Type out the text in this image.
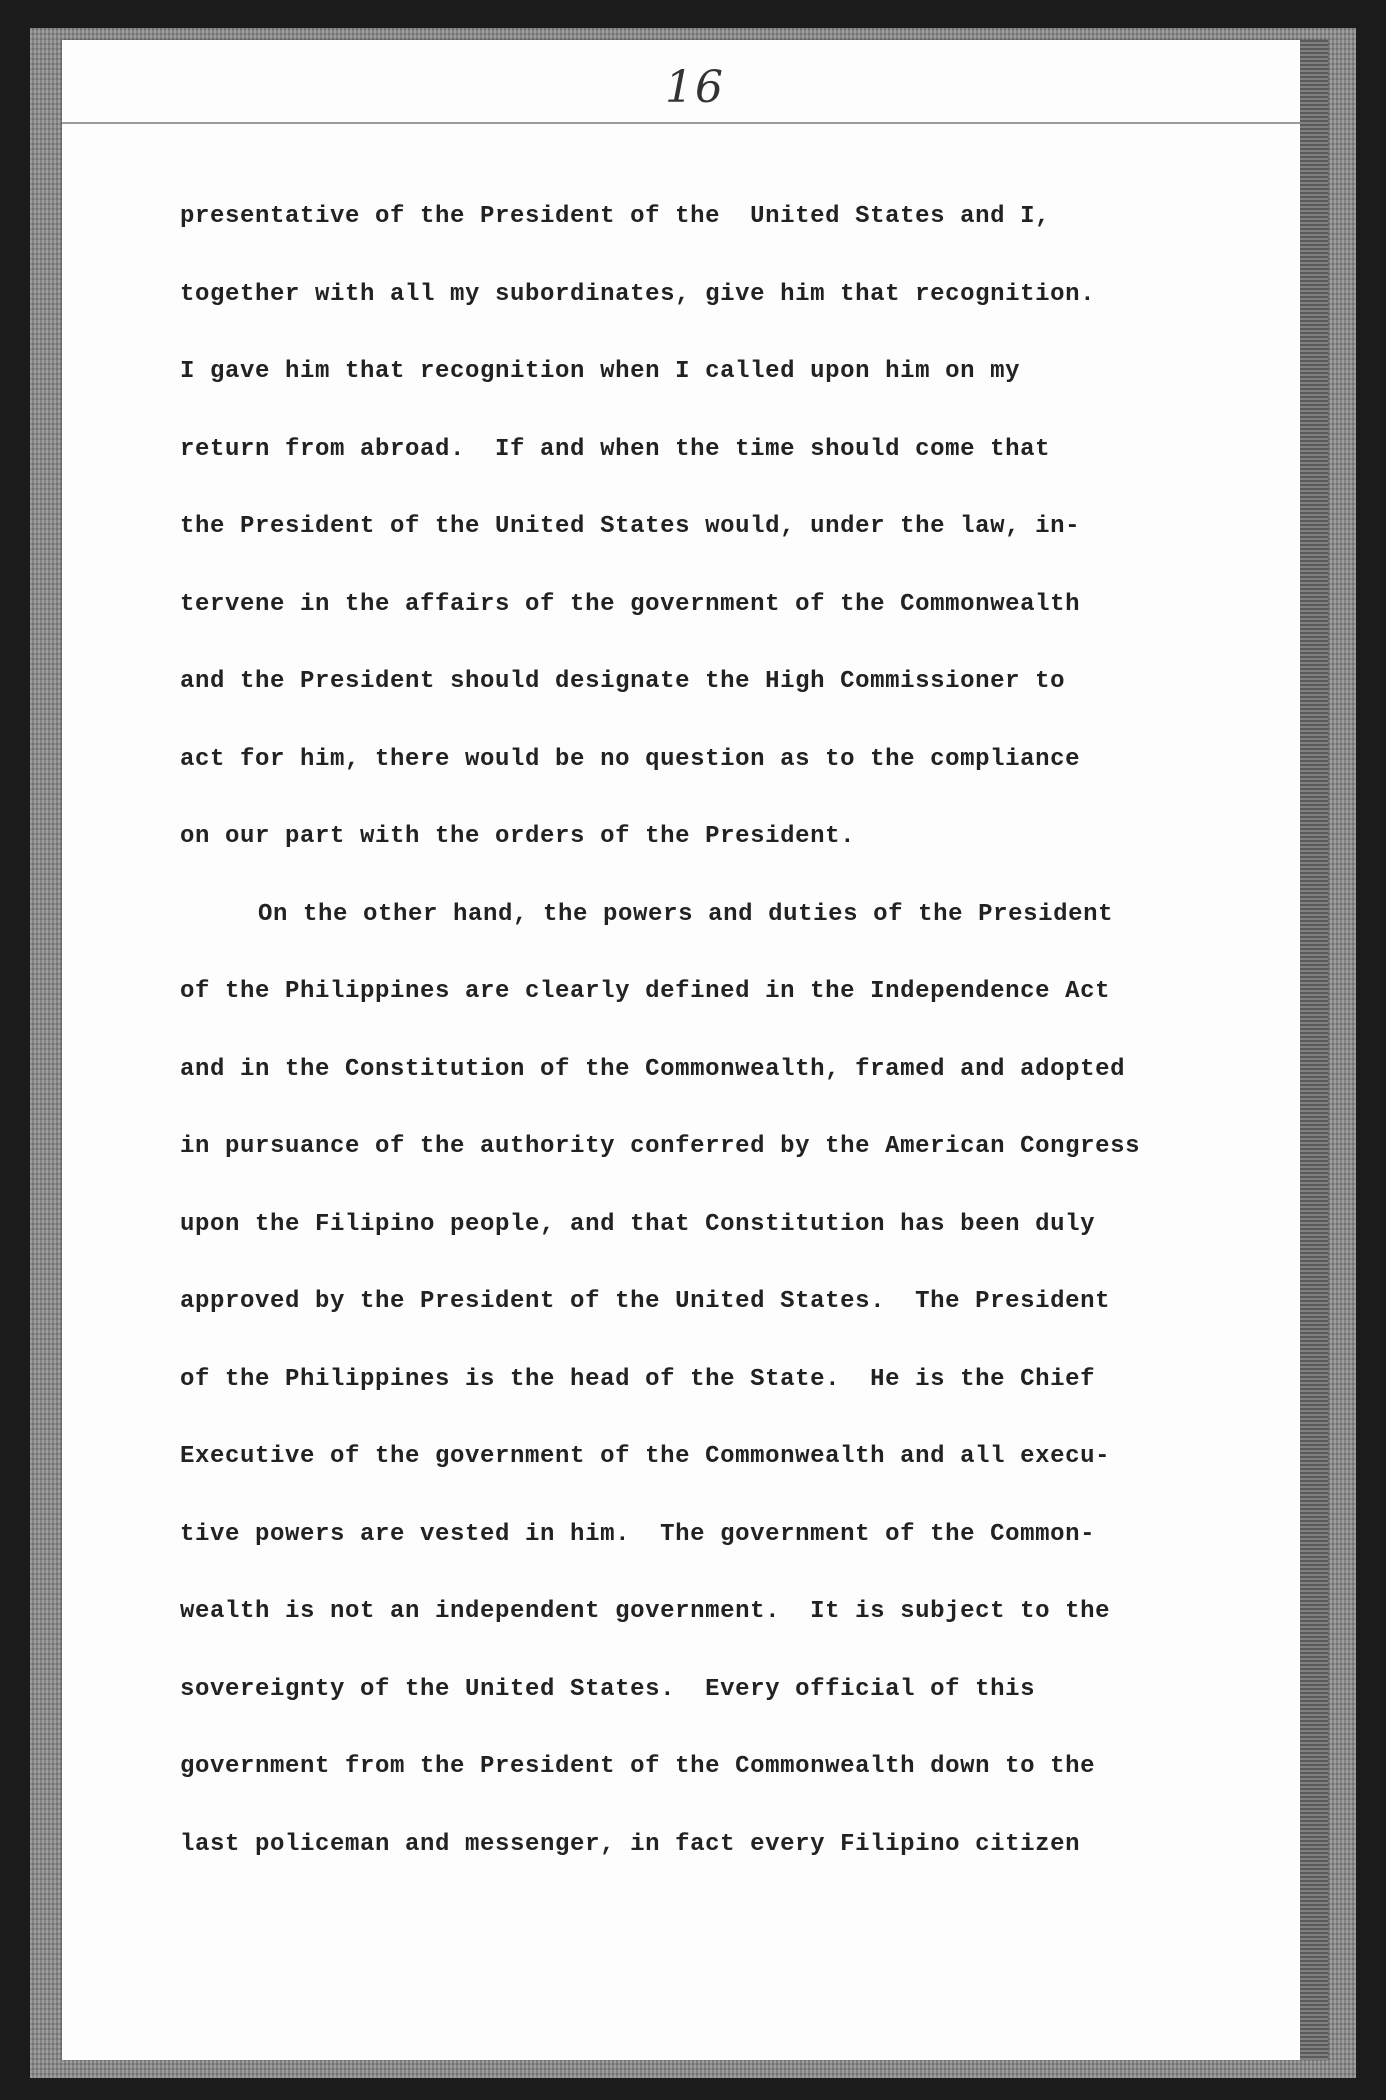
16
presentative of the President of the  United States and I,
together with all my subordinates, give him that recognition.
I gave him that recognition when I called upon him on my
return from abroad.  If and when the time should come that
the President of the United States would, under the law, in-
tervene in the affairs of the government of the Commonwealth
and the President should designate the High Commissioner to
act for him, there would be no question as to the compliance
on our part with the orders of the President.
On the other hand, the powers and duties of the President
of the Philippines are clearly defined in the Independence Act
and in the Constitution of the Commonwealth, framed and adopted
in pursuance of the authority conferred by the American Congress
upon the Filipino people, and that Constitution has been duly
approved by the President of the United States.  The President
of the Philippines is the head of the State.  He is the Chief
Executive of the government of the Commonwealth and all execu-
tive powers are vested in him.  The government of the Common-
wealth is not an independent government.  It is subject to the
sovereignty of the United States.  Every official of this
government from the President of the Commonwealth down to the
last policeman and messenger, in fact every Filipino citizen
